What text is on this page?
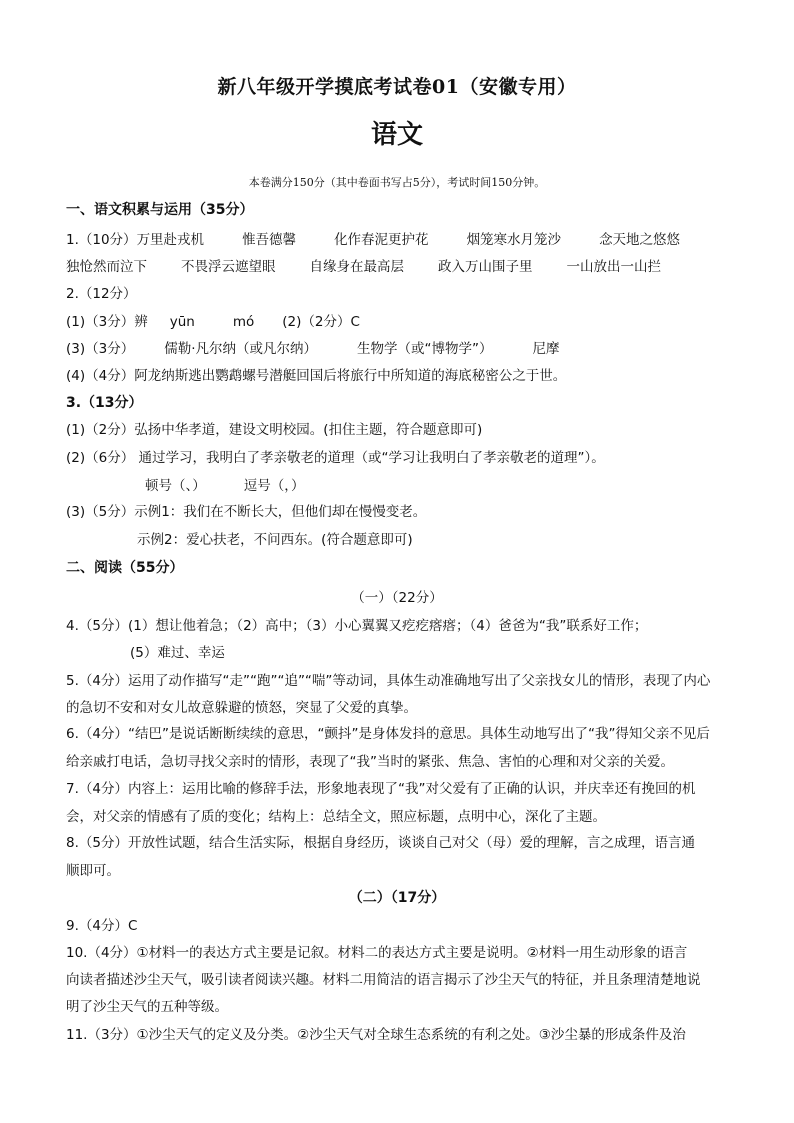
新八年级开学摸底考试卷01（安徽专用）
语文
本卷满分150分（其中卷面书写占5分），考试时间150分钟。
一、语文积累与运用（35分）
1.（10分）万里赴戎机	惟吾德馨	化作春泥更护花	烟笼寒水月笼沙	念天地之悠悠
独怆然而泣下	不畏浮云遮望眼	自缘身在最高层	政入万山围子里	一山放出一山拦
2.（12分）
(1)（3分）辨 yūn	mó (2)（2分）C
(3)（3分） 儒勒·凡尔纳（或凡尔纳）	生物学（或“博物学”）	尼摩
(4)（4分）阿龙纳斯逃出鹦鹉螺号潜艇回国后将旅行中所知道的海底秘密公之于世。
3.（13分）
(1)（2分）弘扬中华孝道，建设文明校园。(扣住主题，符合题意即可)
(2)（6分） 通过学习，我明白了孝亲敬老的道理（或“学习让我明白了孝亲敬老的道理”）。
顿号（、）	逗号（，）
(3)（5分）示例1：我们在不断长大，但他们却在慢慢变老。
示例2：爱心扶老，不问西东。(符合题意即可)
二、阅读（55分）
（一）（22分）
4.（5分）(1）想让他着急；（2）高中；（3）小心翼翼又疙疙瘩瘩；（4）爸爸为“我”联系好工作；
(5）难过、幸运
5.（4分）运用了动作描写“走”“跑”“追”“喘”等动词，具体生动准确地写出了父亲找女儿的情形，表现了内心
的急切不安和对女儿故意躲避的愤怒，突显了父爱的真挚。
6.（4分）“结巴”是说话断断续续的意思，“颤抖”是身体发抖的意思。具体生动地写出了“我”得知父亲不见后
给亲戚打电话，急切寻找父亲时的情形，表现了“我”当时的紧张、焦急、害怕的心理和对父亲的关爱。
7.（4分）内容上：运用比喻的修辞手法，形象地表现了“我”对父爱有了正确的认识，并庆幸还有挽回的机
会，对父亲的情感有了质的变化；结构上：总结全文，照应标题，点明中心，深化了主题。
8.（5分）开放性试题，结合生活实际，根据自身经历，谈谈自己对父（母）爱的理解，言之成理，语言通
顺即可。
（二）（17分）
9.（4分）C
10.（4分）①材料一的表达方式主要是记叙。材料二的表达方式主要是说明。②材料一用生动形象的语言
向读者描述沙尘天气，吸引读者阅读兴趣。材料二用简洁的语言揭示了沙尘天气的特征，并且条理清楚地说
明了沙尘天气的五种等级。
11.（3分）①沙尘天气的定义及分类。②沙尘天气对全球生态系统的有利之处。③沙尘暴的形成条件及治
